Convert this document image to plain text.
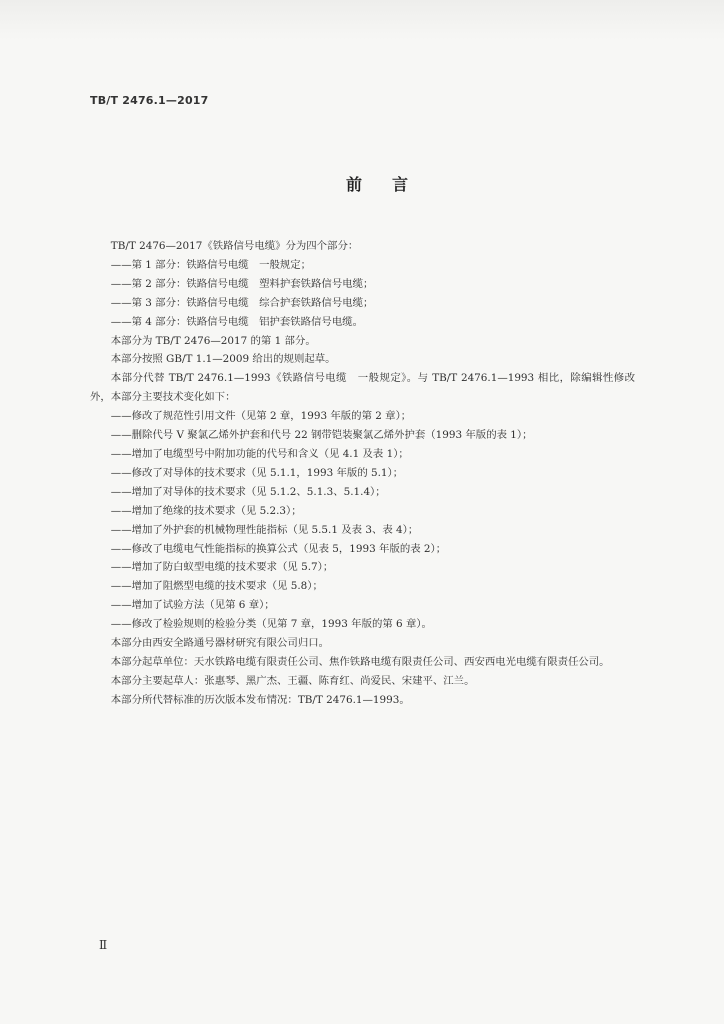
TB/T 2476.1—2017
前言

TB/T 2476—2017《铁路信号电缆》分为四个部分：

——第 1 部分：铁路信号电缆　一般规定；

——第 2 部分：铁路信号电缆　塑料护套铁路信号电缆；

——第 3 部分：铁路信号电缆　综合护套铁路信号电缆；

——第 4 部分：铁路信号电缆　铝护套铁路信号电缆。

本部分为 TB/T 2476—2017 的第 1 部分。

本部分按照 GB/T 1.1—2009 给出的规则起草。

本部分代替 TB/T 2476.1—1993《铁路信号电缆　一般规定》。与 TB/T 2476.1—1993 相比，除编辑性修改外，本部分主要技术变化如下：

——修改了规范性引用文件（见第 2 章，1993 年版的第 2 章）；

——删除代号 V 聚氯乙烯外护套和代号 22 钢带铠装聚氯乙烯外护套（1993 年版的表 1）；

——增加了电缆型号中附加功能的代号和含义（见 4.1 及表 1）；

——修改了对导体的技术要求（见 5.1.1，1993 年版的 5.1）；

——增加了对导体的技术要求（见 5.1.2、5.1.3、5.1.4）；

——增加了绝缘的技术要求（见 5.2.3）；

——增加了外护套的机械物理性能指标（见 5.5.1 及表 3、表 4）；

——修改了电缆电气性能指标的换算公式（见表 5，1993 年版的表 2）；

——增加了防白蚁型电缆的技术要求（见 5.7）；

——增加了阻燃型电缆的技术要求（见 5.8）；

——增加了试验方法（见第 6 章）；

——修改了检验规则的检验分类（见第 7 章，1993 年版的第 6 章）。

本部分由西安全路通号器材研究有限公司归口。

本部分起草单位：天水铁路电缆有限责任公司、焦作铁路电缆有限责任公司、西安西电光电缆有限责任公司。

本部分主要起草人：张惠琴、黑广杰、王疆、陈育红、尚爱民、宋建平、江兰。

本部分所代替标准的历次版本发布情况：TB/T 2476.1—1993。

Ⅱ
